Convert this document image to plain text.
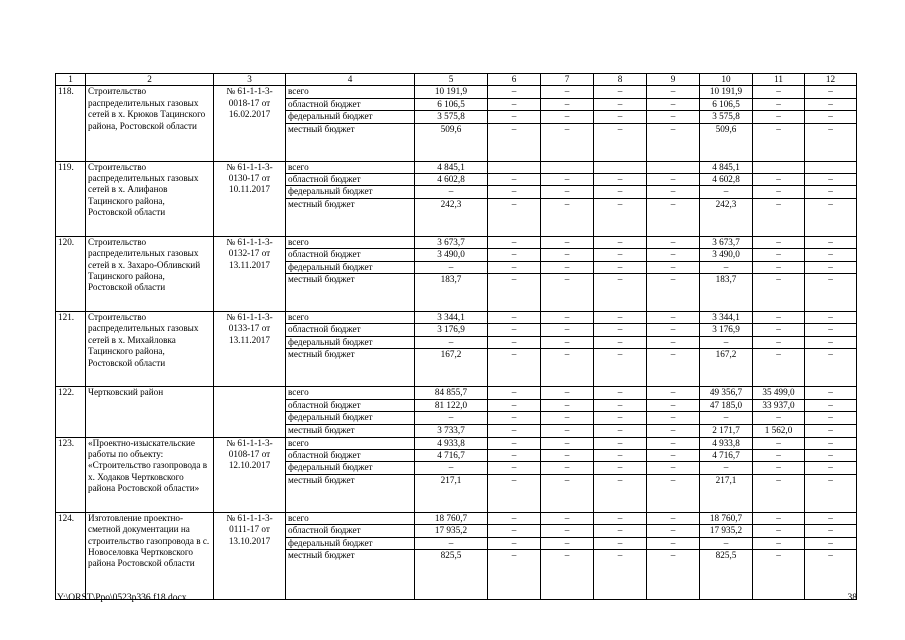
1	2	3	4	5	6	7	8	9	10	11	12
118.	Строительство распределительных газовых сетей в х. Крюков Тацинского района, Ростовской области	№ 61-1-1-3-0018-17 от 16.02.2017	всего	10 191,9	–	–	–	–	10 191,9	–	–
			областной бюджет	6 106,5	–	–	–	–	6 106,5	–	–
			федеральный бюджет	3 575,8	–	–	–	–	3 575,8	–	–
			местный бюджет	509,6	–	–	–	–	509,6	–	–
119.	Строительство распределительных газовых сетей в х. Алифанов Тацинского района, Ростовской области	№ 61-1-1-3-0130-17 от 10.11.2017	всего	4 845,1					4 845,1		
			областной бюджет	4 602,8	–	–	–	–	4 602,8	–	–
			федеральный бюджет	–	–	–	–	–	–	–	–
			местный бюджет	242,3	–	–	–	–	242,3	–	–
120.	Строительство распределительных газовых сетей в х. Захаро-Обливский Тацинского района, Ростовской области	№ 61-1-1-3-0132-17 от 13.11.2017	всего	3 673,7	–	–	–	–	3 673,7	–	–
			областной бюджет	3 490,0	–	–	–	–	3 490,0	–	–
			федеральный бюджет	–	–	–	–	–	–	–	–
			местный бюджет	183,7	–	–	–	–	183,7	–	–
121.	Строительство распределительных газовых сетей в х. Михайловка Тацинского района, Ростовской области	№ 61-1-1-3-0133-17 от 13.11.2017	всего	3 344,1	–	–	–	–	3 344,1	–	–
			областной бюджет	3 176,9	–	–	–	–	3 176,9	–	–
			федеральный бюджет	–	–	–	–	–	–	–	–
			местный бюджет	167,2	–	–	–	–	167,2	–	–
122.	Чертковский район		всего	84 855,7	–	–	–	–	49 356,7	35 499,0	–
			областной бюджет	81 122,0	–	–	–	–	47 185,0	33 937,0	–
			федеральный бюджет	–	–	–	–	–	–	–	–
			местный бюджет	3 733,7	–	–	–	–	2 171,7	1 562,0	–
123.	«Проектно-изыскательские работы по объекту: «Строительство газопровода в х. Ходаков Чертковского района Ростовской области»	№ 61-1-1-3-0108-17 от 12.10.2017	всего	4 933,8	–	–	–	–	4 933,8	–	–
			областной бюджет	4 716,7	–	–	–	–	4 716,7	–	–
			федеральный бюджет	–	–	–	–	–	–	–	–
			местный бюджет	217,1	–	–	–	–	217,1	–	–
124.	Изготовление проектно-сметной документации на строительство газопровода в с. Новоселовка Чертковского района Ростовской области	№ 61-1-1-3-0111-17 от 13.10.2017	всего	18 760,7	–	–	–	–	18 760,7	–	–
			областной бюджет	17 935,2	–	–	–	–	17 935,2	–	–
			федеральный бюджет	–	–	–	–	–	–	–	–
			местный бюджет	825,5	–	–	–	–	825,5	–	–
Y:\ORST\Ppo\0523p336.f18.docx	38
